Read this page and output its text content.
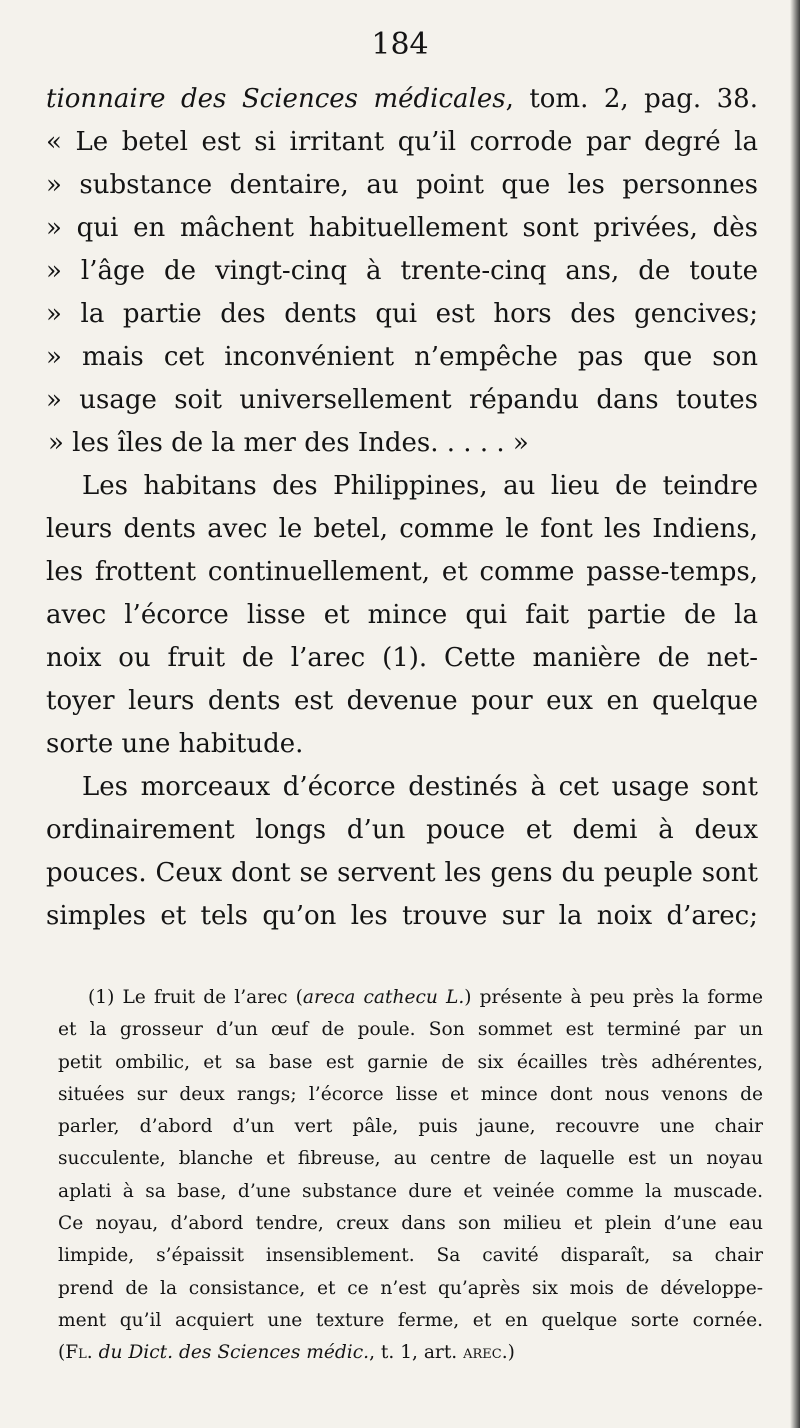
184
tionnaire des Sciences médicales, tom. 2, pag. 38.
« Le betel est si irritant qu’il corrode par degré la
» substance dentaire, au point que les personnes
» qui en mâchent habituellement sont privées, dès
» l’âge de vingt-cinq à trente-cinq ans, de toute
» la partie des dents qui est hors des gencives;
» mais cet inconvénient n’empêche pas que son
» usage soit universellement répandu dans toutes
» les îles de la mer des Indes. . . . . »
Les habitans des Philippines, au lieu de teindre
leurs dents avec le betel, comme le font les Indiens,
les frottent continuellement, et comme passe-temps,
avec l’écorce lisse et mince qui fait partie de la
noix ou fruit de l’arec (1). Cette manière de net-
toyer leurs dents est devenue pour eux en quelque
sorte une habitude.
Les morceaux d’écorce destinés à cet usage sont
ordinairement longs d’un pouce et demi à deux
pouces. Ceux dont se servent les gens du peuple sont
simples et tels qu’on les trouve sur la noix d’arec;
(1) Le fruit de l’arec (areca cathecu L.) présente à peu près la forme
et la grosseur d’un œuf de poule. Son sommet est terminé par un
petit ombilic, et sa base est garnie de six écailles très adhérentes,
situées sur deux rangs; l’écorce lisse et mince dont nous venons de
parler, d’abord d’un vert pâle, puis jaune, recouvre une chair
succulente, blanche et fibreuse, au centre de laquelle est un noyau
aplati à sa base, d’une substance dure et veinée comme la muscade.
Ce noyau, d’abord tendre, creux dans son milieu et plein d’une eau
limpide, s’épaissit insensiblement. Sa cavité disparaît, sa chair
prend de la consistance, et ce n’est qu’après six mois de développe-
ment qu’il acquiert une texture ferme, et en quelque sorte cornée.
(Fl. du Dict. des Sciences médic., t. 1, art. arec.)
